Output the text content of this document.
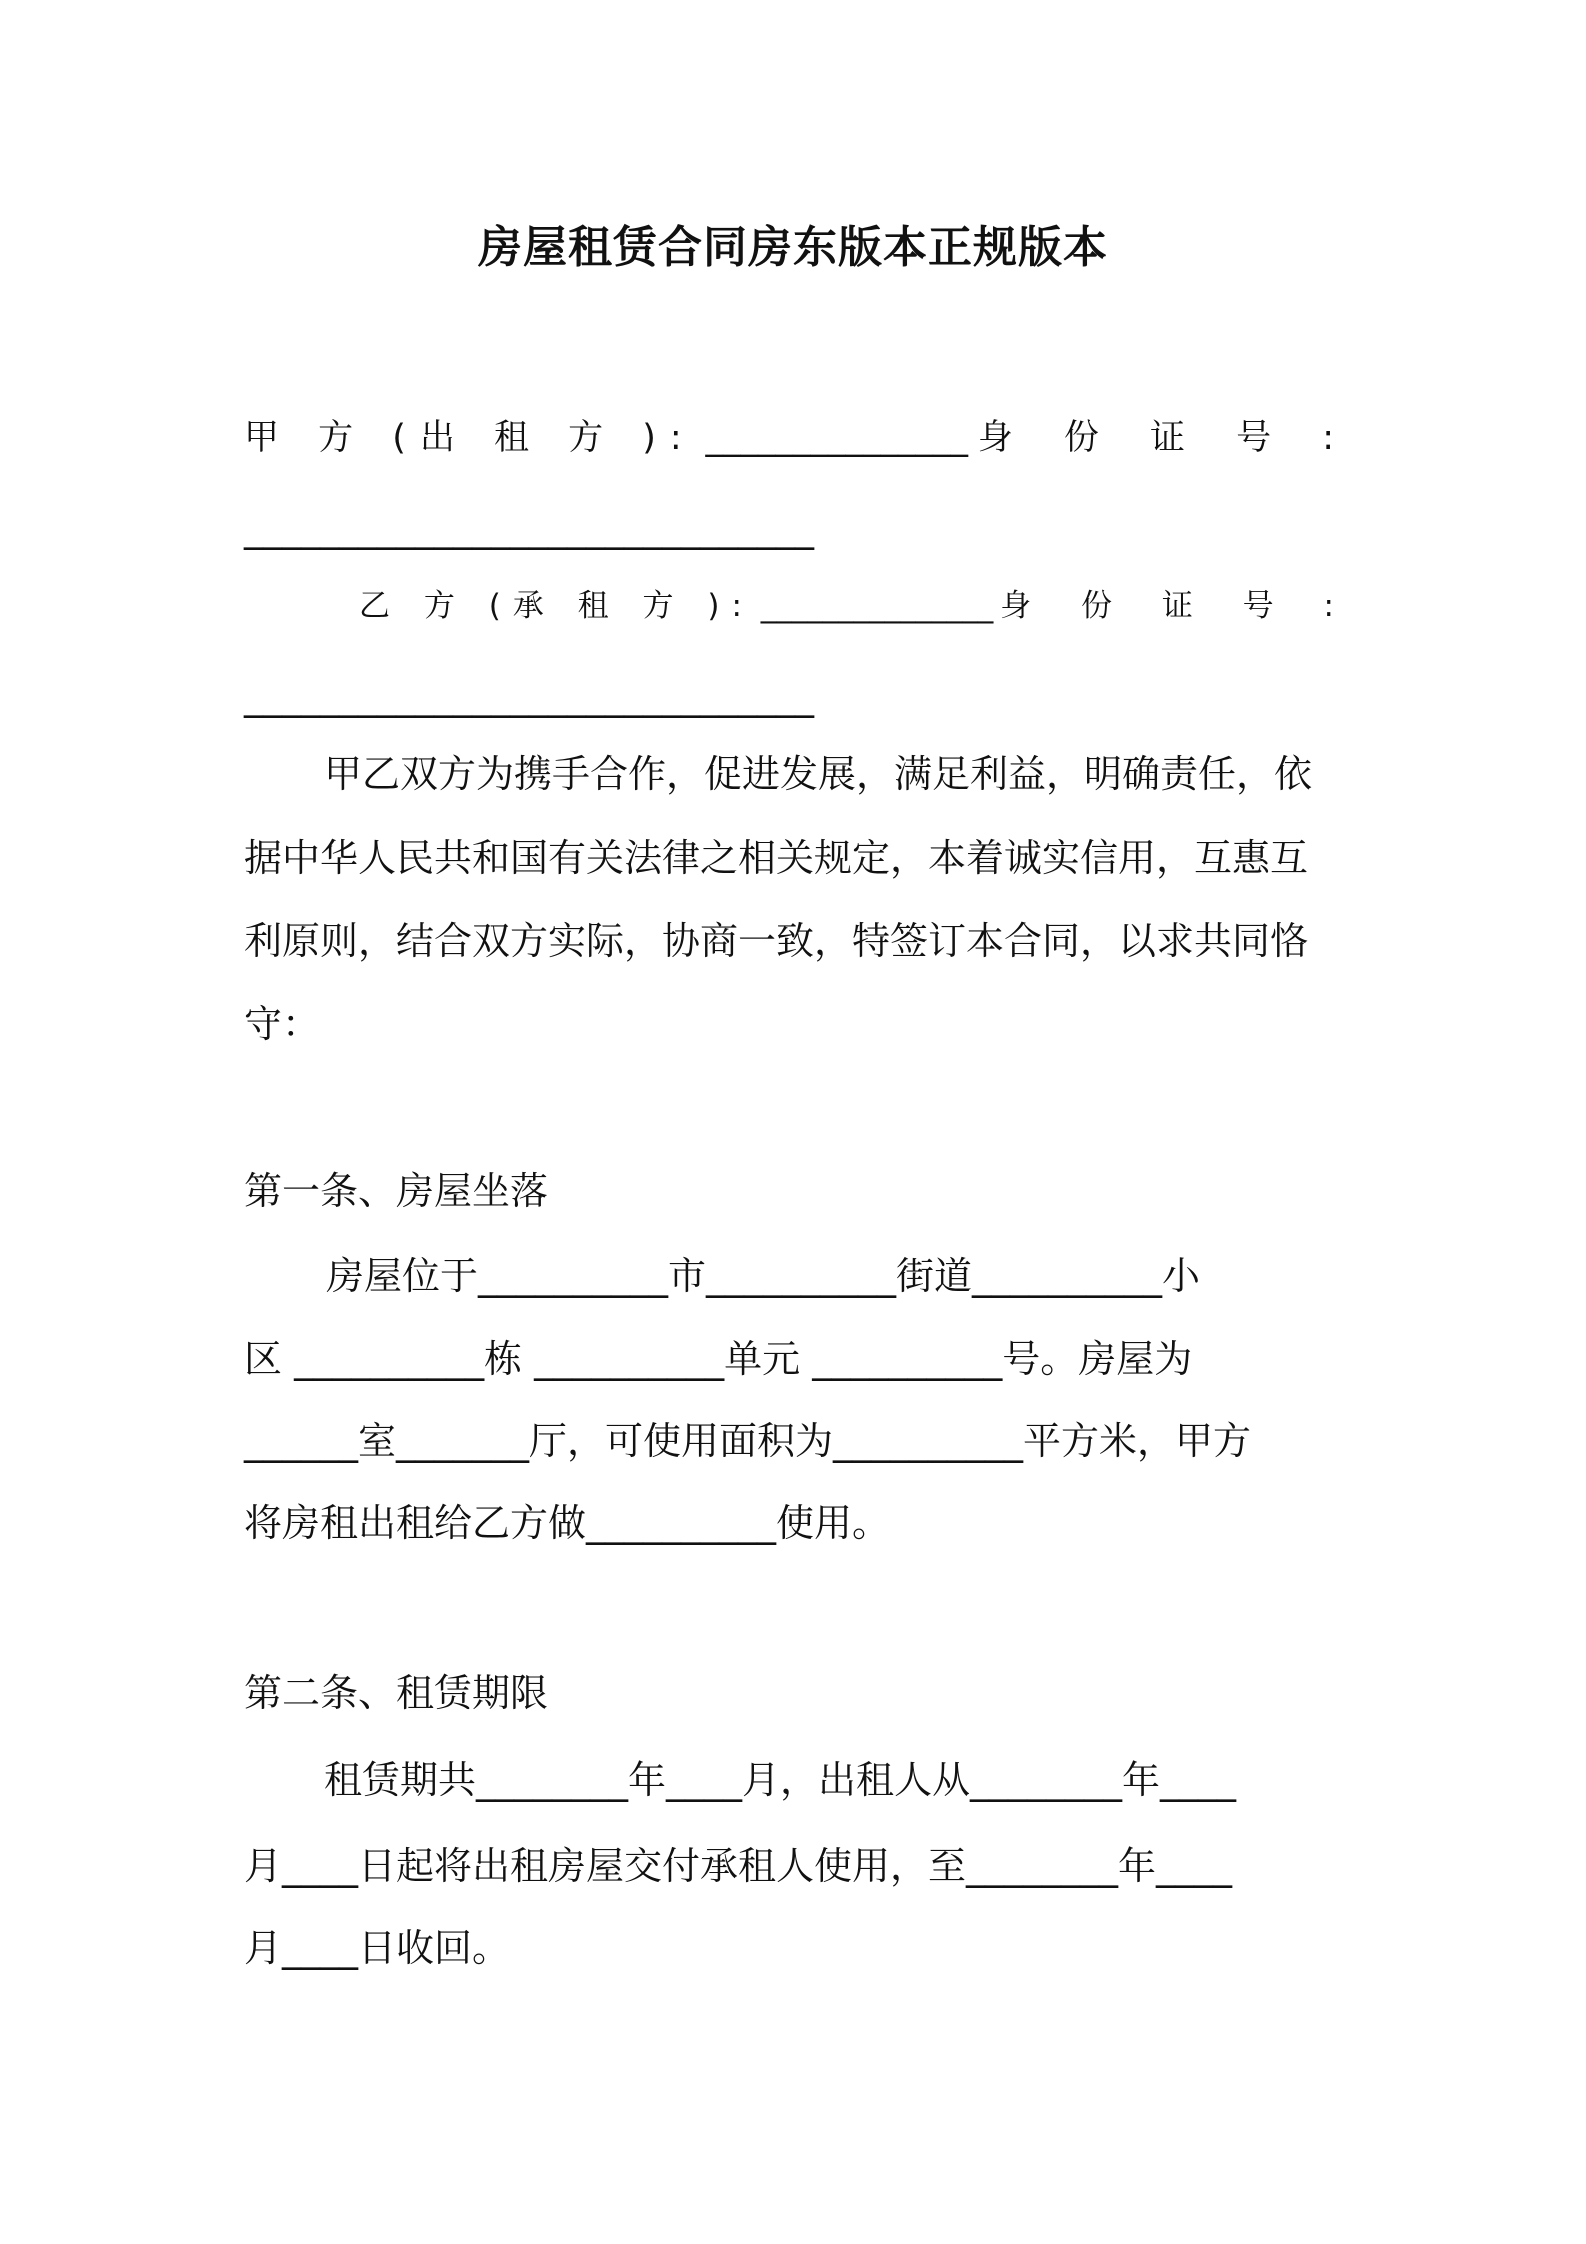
房屋租赁合同房东版本正规版本
甲 方 (出 租 方 ): _______________ 身 份 证 号 :
______________________________
乙 方 (承 租 方 ): _______________ 身 份 证 号 :
______________________________
甲乙双方为携手合作，促进发展，满足利益，明确责任，依
据中华人民共和国有关法律之相关规定，本着诚实信用，互惠互
利原则，结合双方实际，协商一致，特签订本合同，以求共同恪
守：
第一条、房屋坐落
房屋位于__________市__________街道__________小
区 __________栋 __________单元 __________号。房屋为
______室_______厅，可使用面积为__________平方米，甲方
将房租出租给乙方做__________使用。
第二条、租赁期限
租赁期共________年____月，出租人从________年____
月____日起将出租房屋交付承租人使用，至________年____
月____日收回。
